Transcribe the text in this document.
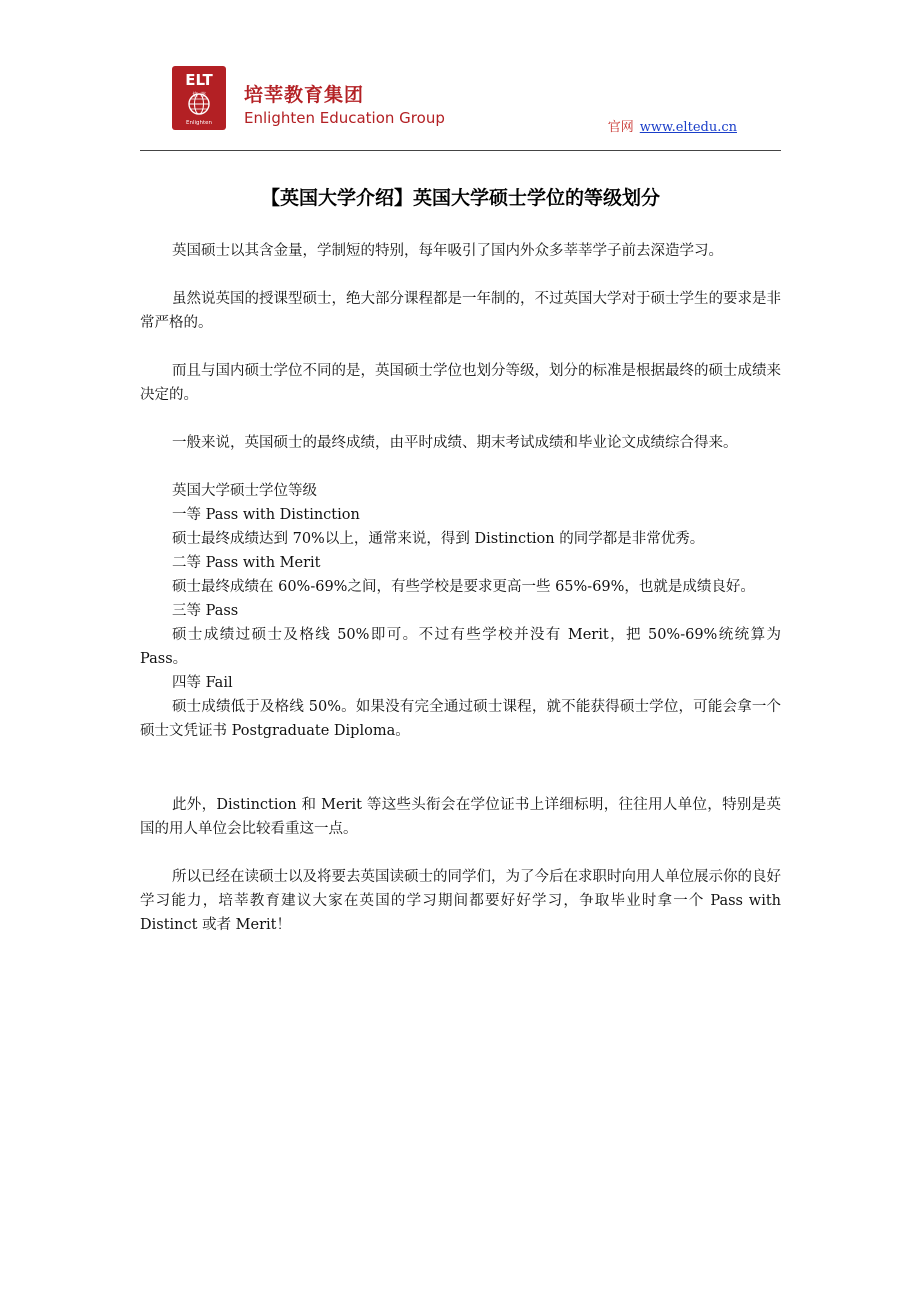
ELT
培 莘
Enlighten
培莘教育集团
Enlighten Education Group
官网 www.eltedu.cn
【英国大学介绍】英国大学硕士学位的等级划分

英国硕士以其含金量，学制短的特别，每年吸引了国内外众多莘莘学子前去深造学习。

虽然说英国的授课型硕士，绝大部分课程都是一年制的，不过英国大学对于硕士学生的要求是非常严格的。

而且与国内硕士学位不同的是，英国硕士学位也划分等级，划分的标准是根据最终的硕士成绩来决定的。

一般来说，英国硕士的最终成绩，由平时成绩、期末考试成绩和毕业论文成绩综合得来。

英国大学硕士学位等级
一等 Pass with Distinction
硕士最终成绩达到 70%以上，通常来说，得到 Distinction 的同学都是非常优秀。
二等 Pass with Merit
硕士最终成绩在 60%-69%之间，有些学校是要求更高一些 65%-69%，也就是成绩良好。
三等 Pass
硕士成绩过硕士及格线 50%即可。不过有些学校并没有 Merit，把 50%-69%统统算为 Pass。
四等 Fail
硕士成绩低于及格线 50%。如果没有完全通过硕士课程，就不能获得硕士学位，可能会拿一个硕士文凭证书 Postgraduate Diploma。

此外，Distinction 和 Merit 等这些头衔会在学位证书上详细标明，往往用人单位，特别是英国的用人单位会比较看重这一点。

所以已经在读硕士以及将要去英国读硕士的同学们，为了今后在求职时向用人单位展示你的良好学习能力，培莘教育建议大家在英国的学习期间都要好好学习，争取毕业时拿一个 Pass with Distinct 或者 Merit！
